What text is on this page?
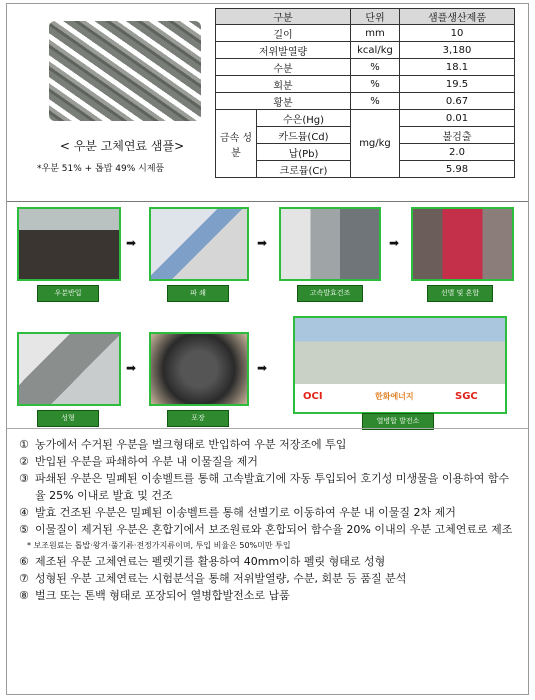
< 우분 고체연료 샘플>
*우분 51% + 톱밥 49% 시제품
구분		단위	샘플생산제품
길이		mm	10
저위발열량		kcal/kg	3,180
수분		%	18.1
회분		%	19.5
황분		%	0.67
금속 성분	수은(Hg)	mg/kg	0.01
	카드뮴(Cd)		불검출
	납(Pb)		2.0
	크로뮴(Cr)		5.98
우분반입
➡
파 쇄
➡
고속발효건조
➡
선별 및 혼합
성형
➡
포장
➡
OCI	한화에너지	SGC
열병합 발전소
① 농가에서 수거된 우분을 벌크형태로 반입하여 우분 저장조에 투입
② 반입된 우분을 파쇄하여 우분 내 이물질을 제거
③ 파쇄된 우분은 밀폐된 이송벨트를 통해 고속발효기에 자동 투입되어 호기성 미생물을 이용하여 함수율 25% 이내로 발효 및 건조
④ 발효 건조된 우분은 밀폐된 이송벨트를 통해 선별기로 이동하여 우분 내 이물질 2차 제거
⑤ 이물질이 제거된 우분은 혼합기에서 보조원료와 혼합되어 함수율 20% 이내의 우분 고체연료로 제조
* 보조원료는 톱밥·왕겨·풀기류·전정가지류이며, 투입 비율은 50%미만 투입
⑥ 제조된 우분 고체연료는 펠렛기를 활용하여 40mm이하 펠릿 형태로 성형
⑦ 성형된 우분 고체연료는 시험분석을 통해 저위발열량, 수분, 회분 등 품질 분석
⑧ 벌크 또는 톤백 형태로 포장되어 열병합발전소로 납품
